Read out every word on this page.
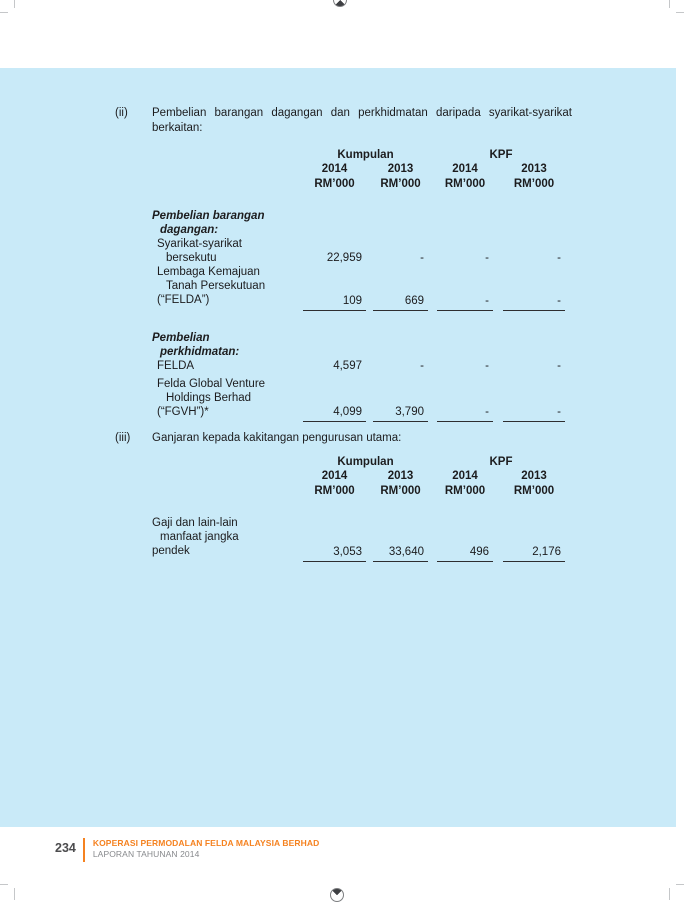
(ii)	Pembelian barangan dagangan dan perkhidmatan daripada syarikat-syarikat
berkaitan:
Kumpulan	KPF
2014	2013	2014	2013
RM’000	RM’000	RM’000	RM’000
Pembelian barangan
dagangan:
Syarikat-syarikat
bersekutu	22,959	-	-	-
Lembaga Kemajuan
Tanah Persekutuan
(“FELDA”)	109	669	-	-
Pembelian
perkhidmatan:
FELDA	4,597	-	-	-
Felda Global Venture
Holdings Berhad
(“FGVH”)*	4,099	3,790	-	-
(iii)	Ganjaran kepada kakitangan pengurusan utama:
Kumpulan	KPF
2014	2013	2014	2013
RM’000	RM’000	RM’000	RM’000
Gaji dan lain-lain
manfaat jangka
pendek	3,053	33,640	496	2,176
234 KOPERASI PERMODALAN FELDA MALAYSIA BERHAD
LAPORAN TAHUNAN 2014
